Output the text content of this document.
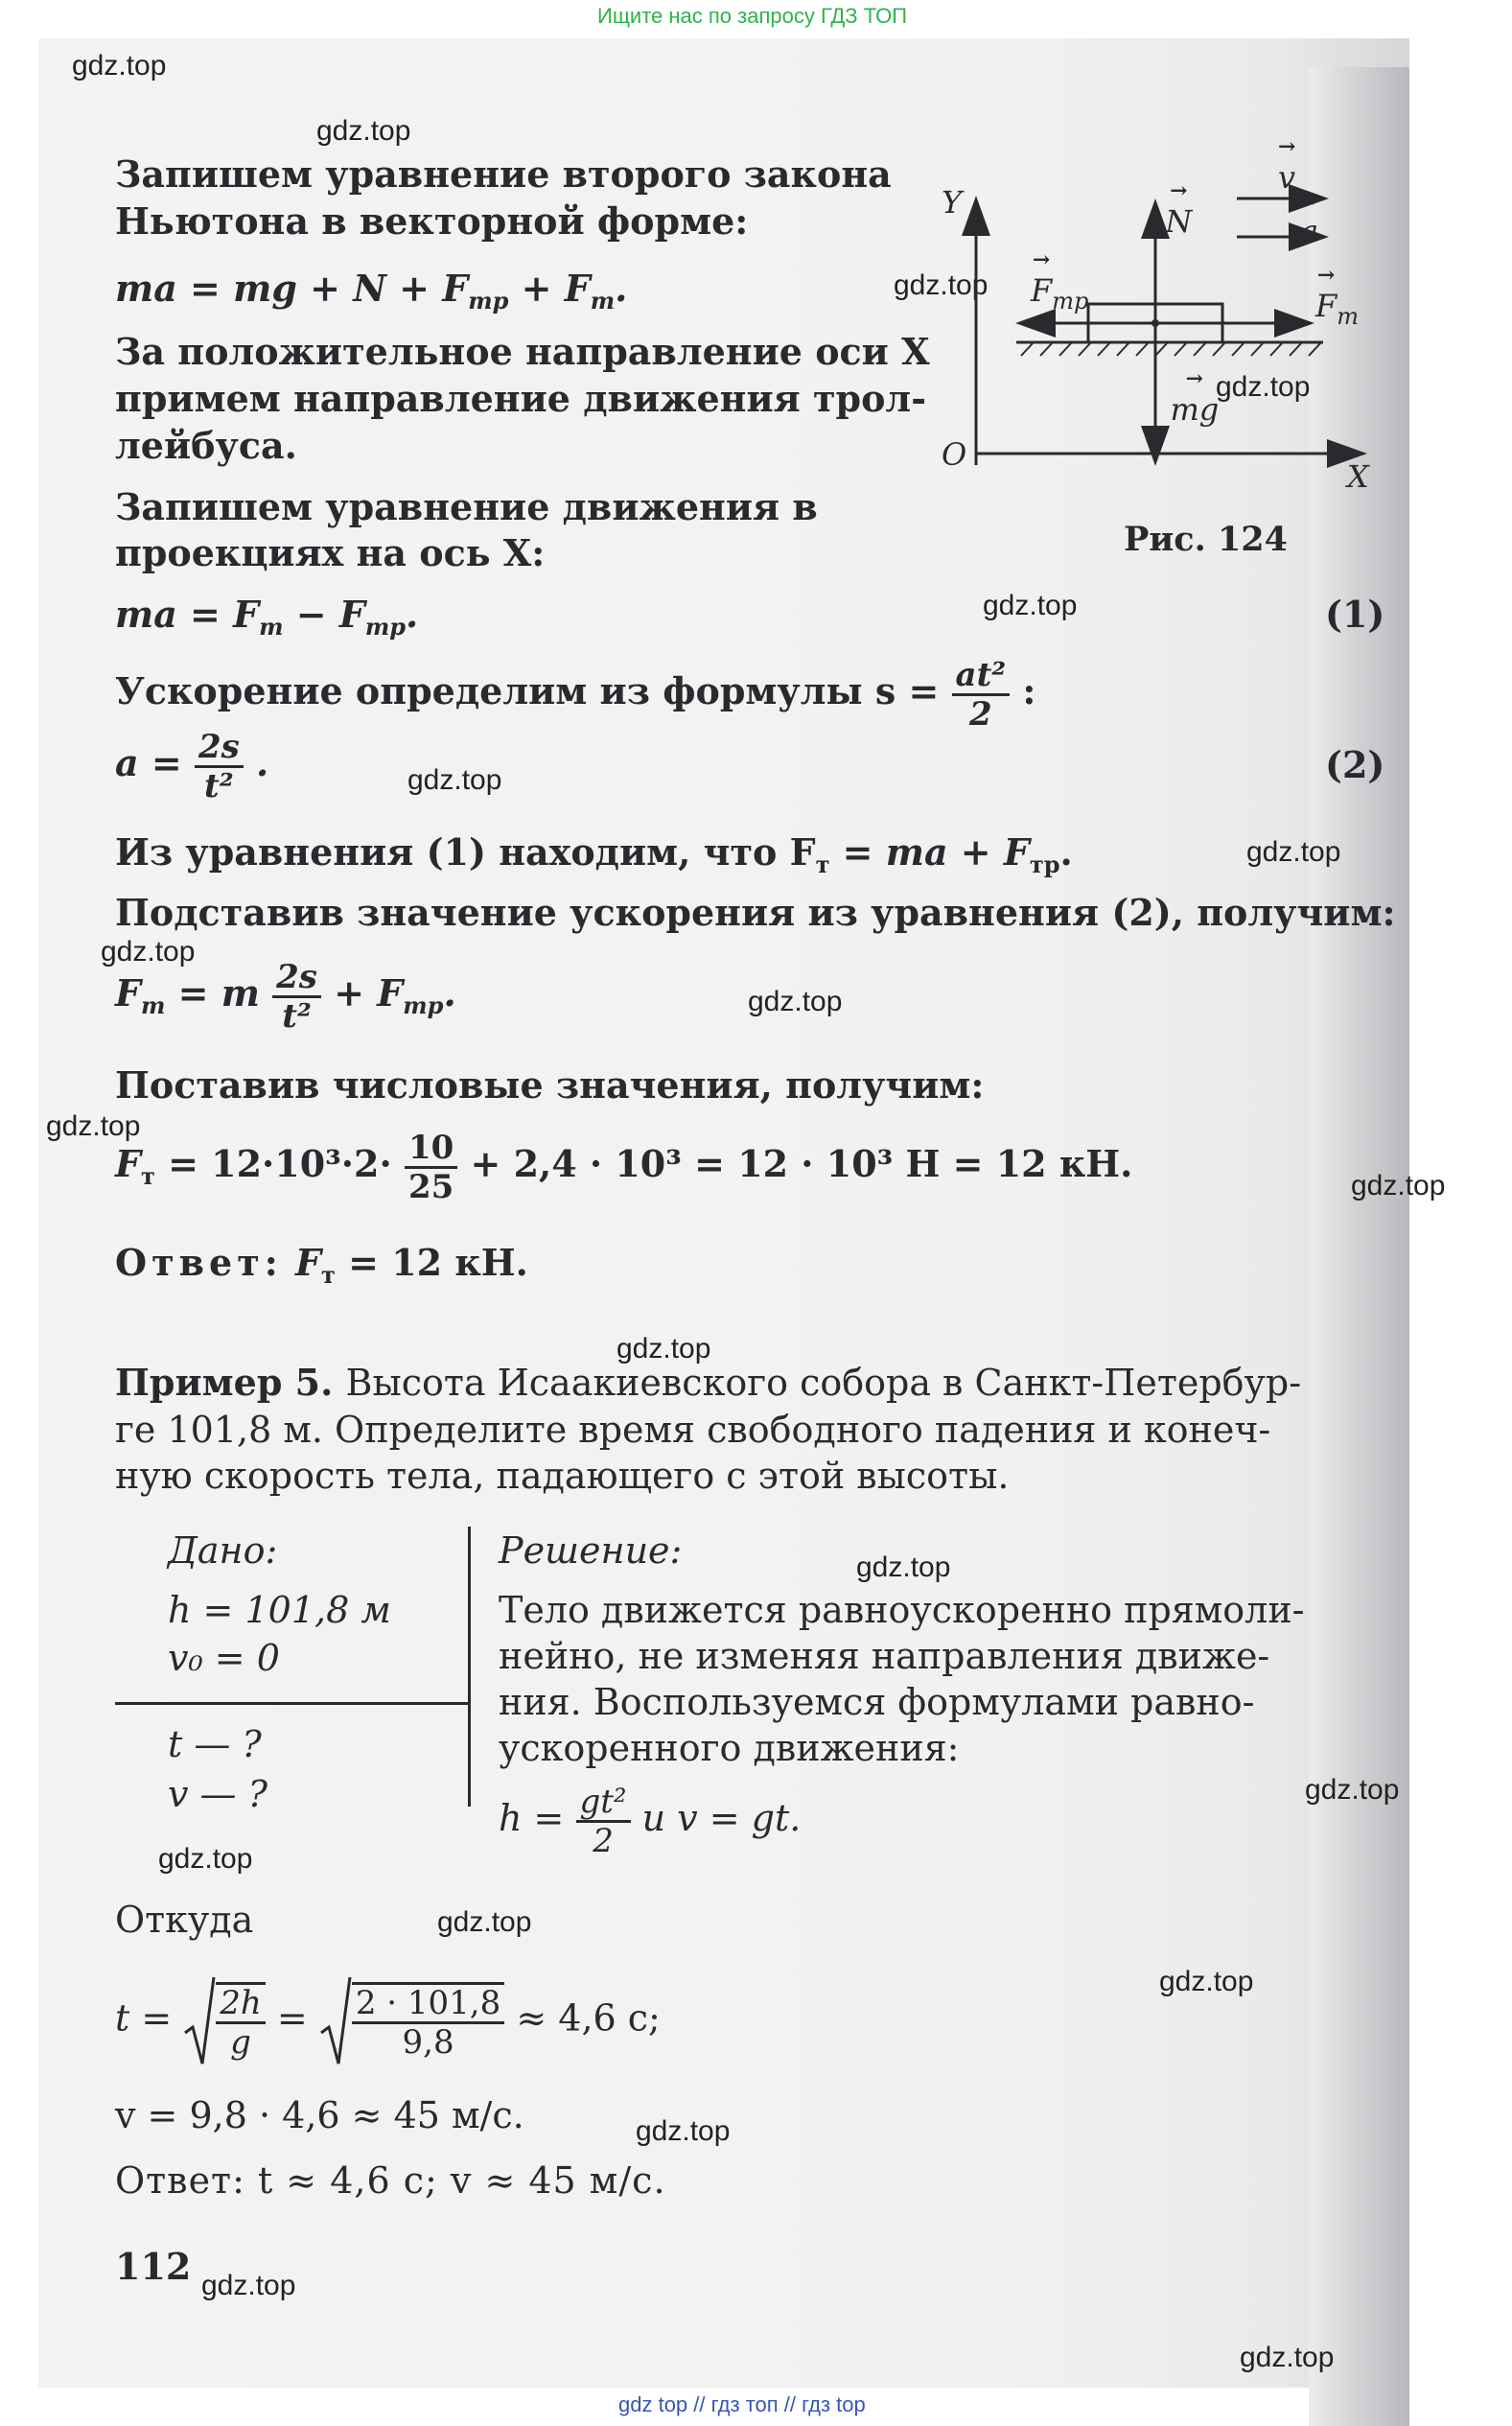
Ищите нас по запросу ГДЗ ТОП
gdz.top
gdz.top
gdz.top
gdz.top
gdz.top
gdz.top
gdz.top
gdz.top
gdz.top
gdz.top
gdz.top
gdz.top
gdz.top
gdz.top
gdz.top
gdz.top
gdz.top
gdz.top
gdz.top
gdz.top
Запишем уравнение второго закона
Ньютона в векторной форме:
ma = mg + $N + F_{тр} + F_т$.
За положительное направление оси X
примем направление движения трол-
лейбуса.
Запишем уравнение движения в
проекциях на ось X:
Y
O
X
→ v → a → N
→ $F_{тр}$	→ $F_т$
→ mg
Рис. 124
ma = $F_т - F_{тр}$.	(1)
Ускорение определим из формулы $s = \frac{\text{at²}}{2}$ :
$a = \frac{2s}{\text{t²}}$ .	(2)
Из уравнения (1) находим, что $F_т$ = ma + $F_{тр}$.
Подставив значение ускорения из уравнения (2), получим:
$F_т = m \frac{2s}{\text{t²}} + F_{тр}$.
Поставив числовые значения, получим:
$F_т = 12\cdot 10^3\cdot 2\cdot \frac{10}{25} + 2,4 \cdot 10^3 = 12 \cdot 10^3$ Н = 12 кН.
Ответ: $F_т = 12$ кН.
Пример 5. Высота Исаакиевского собора в Санкт-Петербур-
ге 101,8 м. Определите время свободного падения и конеч-
ную скорость тела, падающего с этой высоты.
Дано:
h = 101,8 м
v₀ = 0
t — ?
v — ?
Решение:
Тело движется равноускоренно прямоли-
нейно, не изменяя направления движе-
ния. Воспользуемся формулами равно-
ускоренного движения:
$h = \frac{\text{gt²}}{2}$ и v = gt.
Откуда
$t = \frac{2h}{g} = \frac{2 \cdot 101,8}{9,8} \approx 4,6$ с;
v = 9,8 · 4,6 ≈ 45 м/с.
Ответ: t ≈ 4,6 с; v ≈ 45 м/с.
112
gdz top // гдз топ // гдз top
